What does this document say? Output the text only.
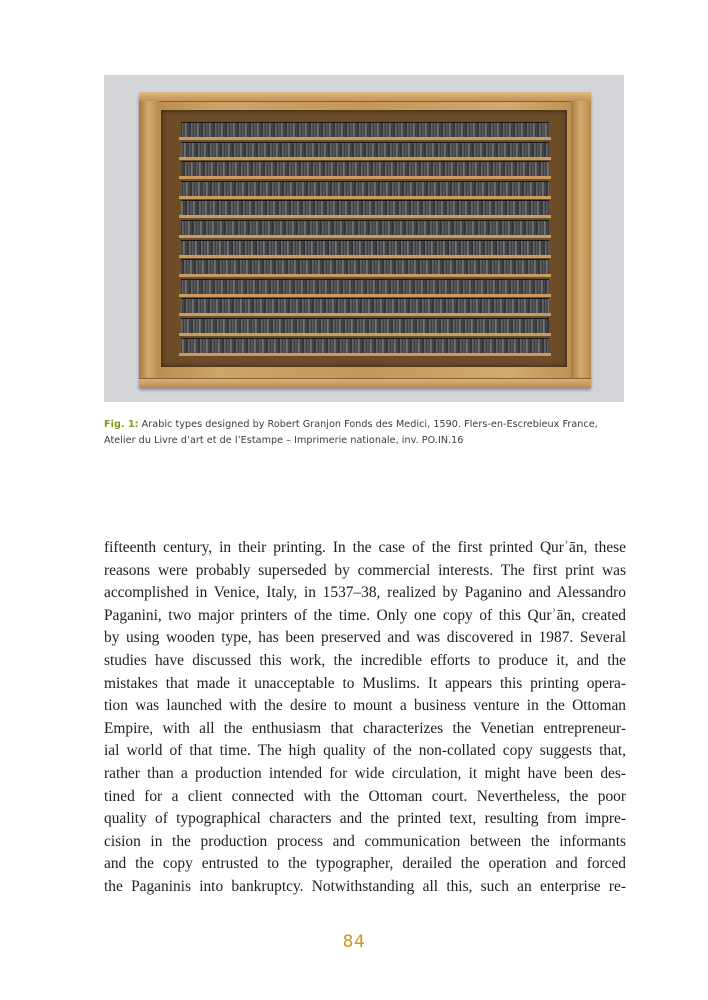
Fig. 1: Arabic types designed by Robert Granjon Fonds des Medici, 1590. Flers-en-Escrebieux France, Atelier du Livre d’art et de l’Estampe – Imprimerie nationale, inv. PO.IN.16
fifteenth century, in their printing. In the case of the first printed Qurʾān, these
reasons were probably superseded by commercial interests. The first print was
accomplished in Venice, Italy, in 1537–38, realized by Paganino and Alessandro
Paganini, two major printers of the time. Only one copy of this Qurʾān, created
by using wooden type, has been preserved and was discovered in 1987. Several
studies have discussed this work, the incredible efforts to produce it, and the
mistakes that made it unacceptable to Muslims. It appears this printing opera-
tion was launched with the desire to mount a business venture in the Ottoman
Empire, with all the enthusiasm that characterizes the Venetian entrepreneur-
ial world of that time. The high quality of the non-collated copy suggests that,
rather than a production intended for wide circulation, it might have been des-
tined for a client connected with the Ottoman court. Nevertheless, the poor
quality of typographical characters and the printed text, resulting from impre-
cision in the production process and communication between the informants
and the copy entrusted to the typographer, derailed the operation and forced
the Paganinis into bankruptcy. Notwithstanding all this, such an enterprise re-
84
